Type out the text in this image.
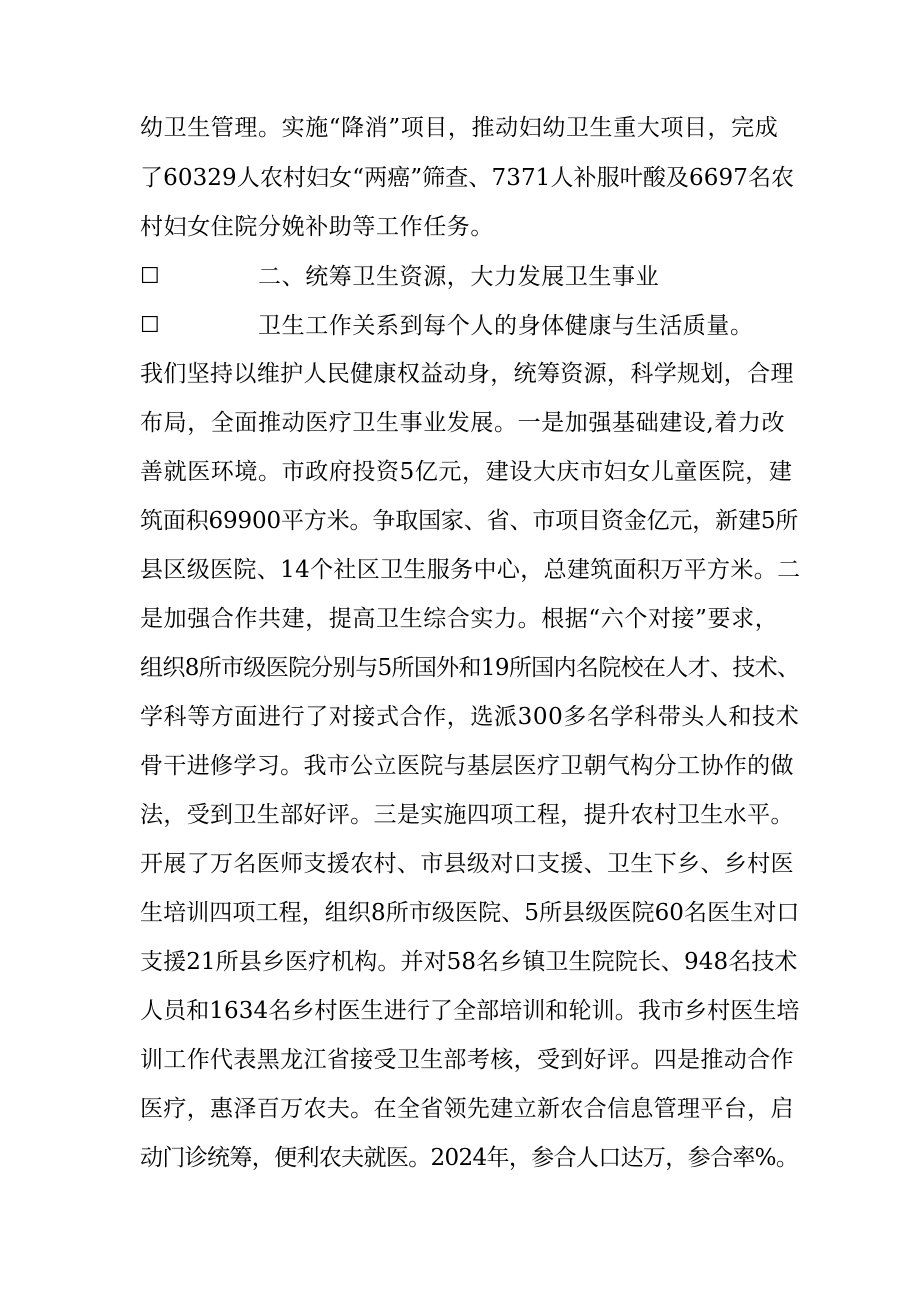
幼卫生管理。实施“降消”项目，推动妇幼卫生重大项目，完成
了60329人农村妇女“两癌”筛查、7371人补服叶酸及6697名农
村妇女住院分娩补助等工作任务。
☐	二、统筹卫生资源，大力发展卫生事业
☐	卫生工作关系到每个人的身体健康与生活质量。
我们坚持以维护人民健康权益动身，统筹资源，科学规划，合理
布局，全面推动医疗卫生事业发展。一是加强基础建设,着力改
善就医环境。市政府投资5亿元，建设大庆市妇女儿童医院，建
筑面积69900平方米。争取国家、省、市项目资金亿元，新建5所
县区级医院、14个社区卫生服务中心，总建筑面积万平方米。二
是加强合作共建，提高卫生综合实力。根据“六个对接”要求，
组织8所市级医院分别与5所国外和19所国内名院校在人才、技术、
学科等方面进行了对接式合作，选派300多名学科带头人和技术
骨干进修学习。我市公立医院与基层医疗卫朝气构分工协作的做
法，受到卫生部好评。三是实施四项工程，提升农村卫生水平。
开展了万名医师支援农村、市县级对口支援、卫生下乡、乡村医
生培训四项工程，组织8所市级医院、5所县级医院60名医生对口
支援21所县乡医疗机构。并对58名乡镇卫生院院长、948名技术
人员和1634名乡村医生进行了全部培训和轮训。我市乡村医生培
训工作代表黑龙江省接受卫生部考核，受到好评。四是推动合作
医疗，惠泽百万农夫。在全省领先建立新农合信息管理平台，启
动门诊统筹，便利农夫就医。2024年，参合人口达万，参合率%。
